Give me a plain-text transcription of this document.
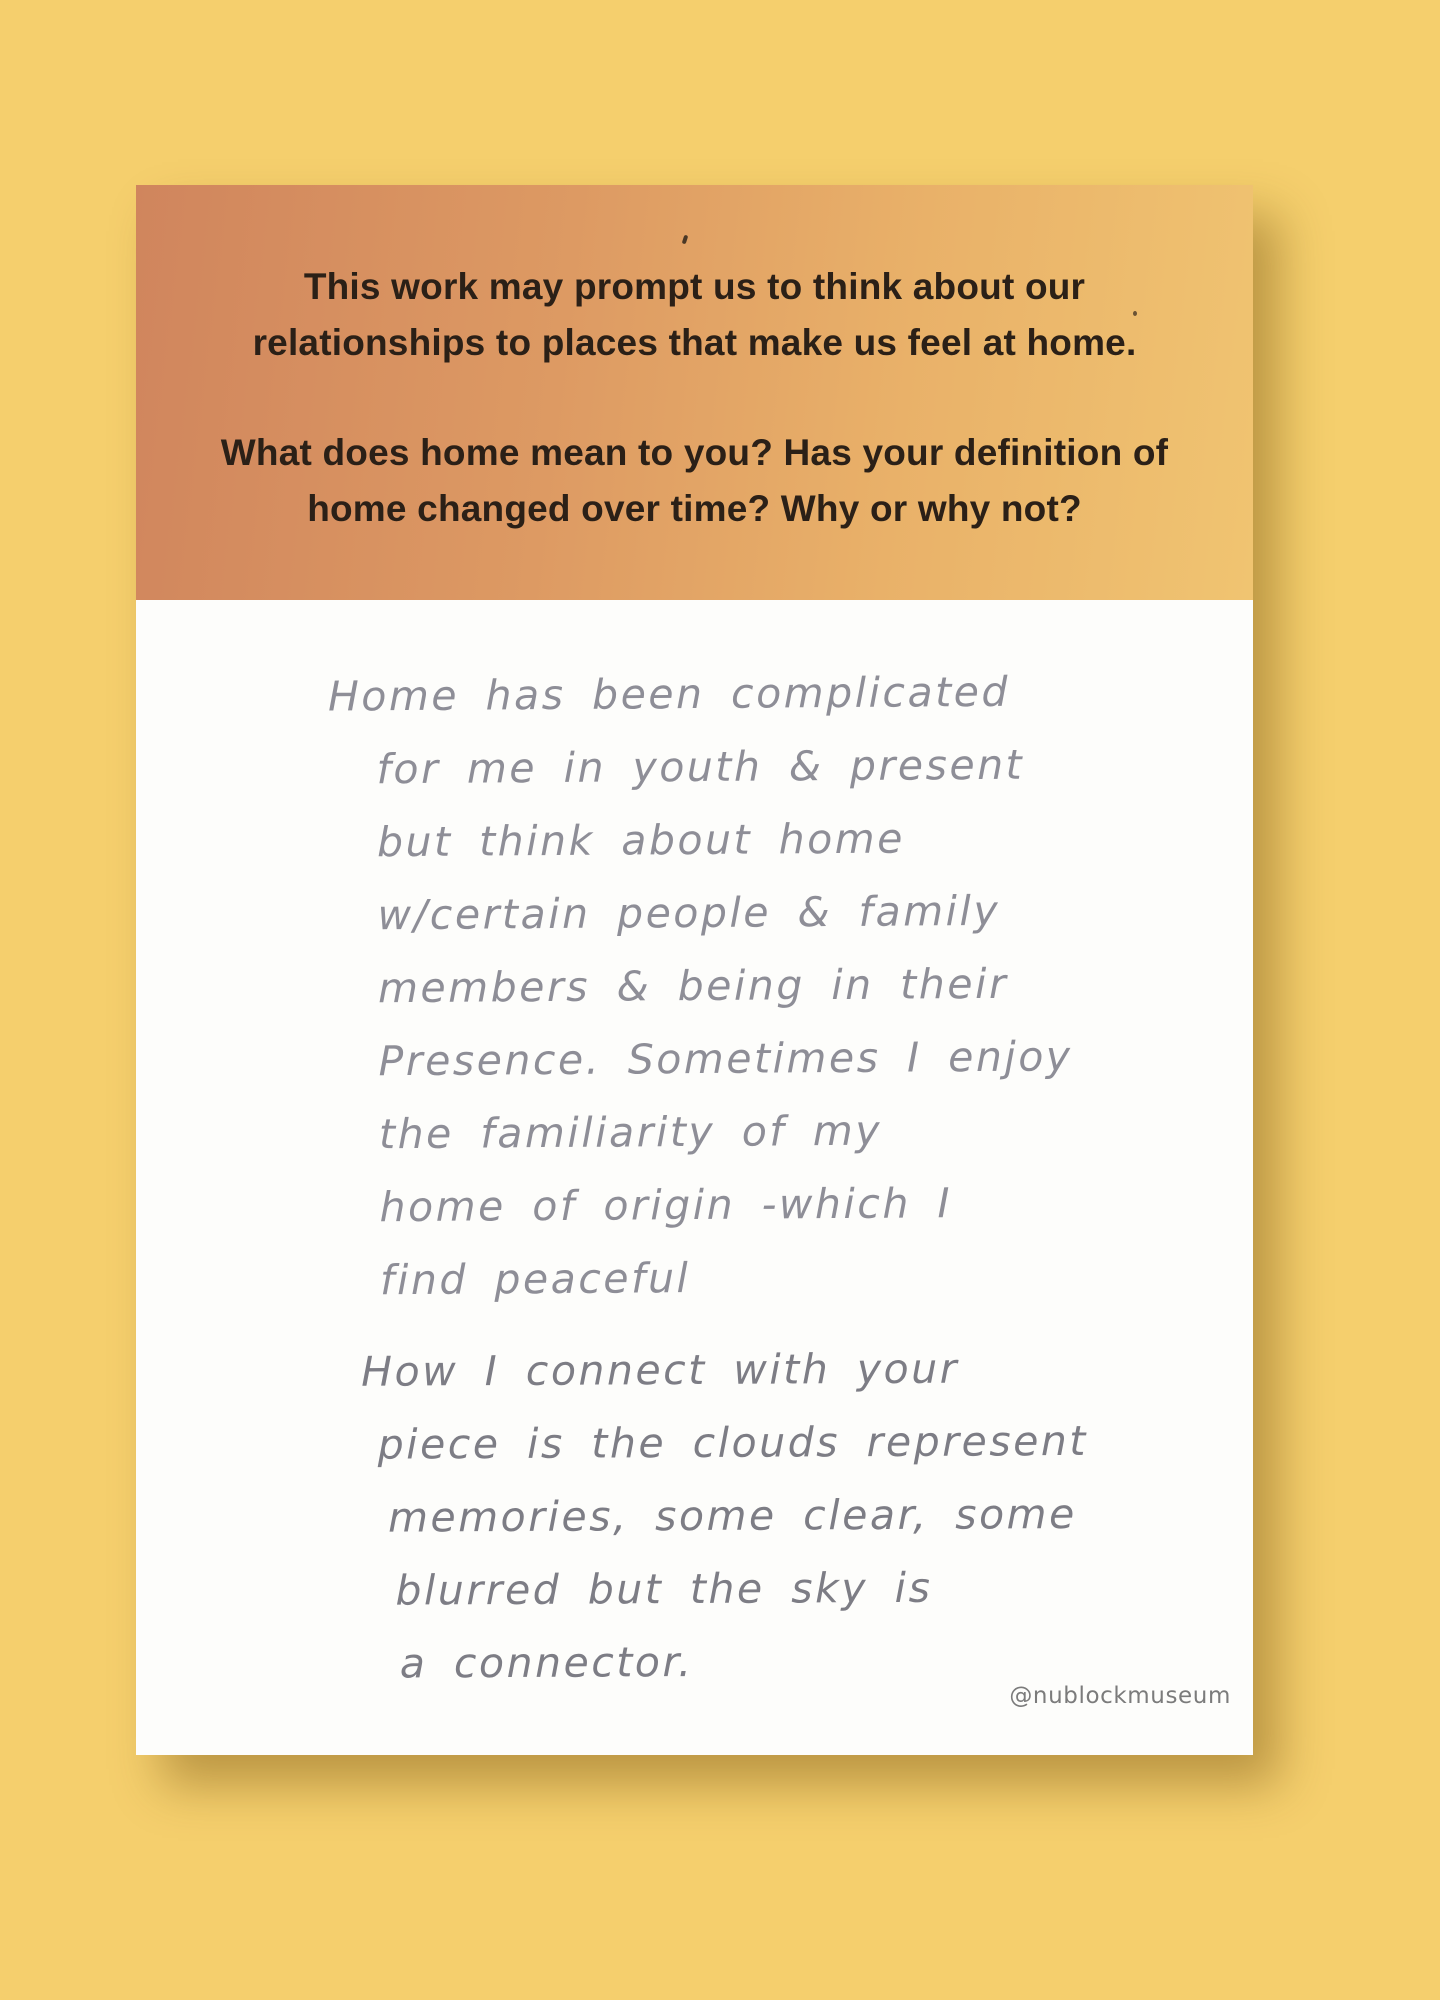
This work may prompt us to think about our relationships to places that make us feel at home.

What does home mean to you? Has your definition of home changed over time? Why or why not?

Home has been complicated
for me in youth & present
but think about home
w/certain people & family
members & being in their
Presence. Sometimes I enjoy
the familiarity of my
home of origin -which I
find peaceful
How I connect with your
piece is the clouds represent
memories, some clear, some
blurred but the sky is
a connector.
@nublockmuseum
